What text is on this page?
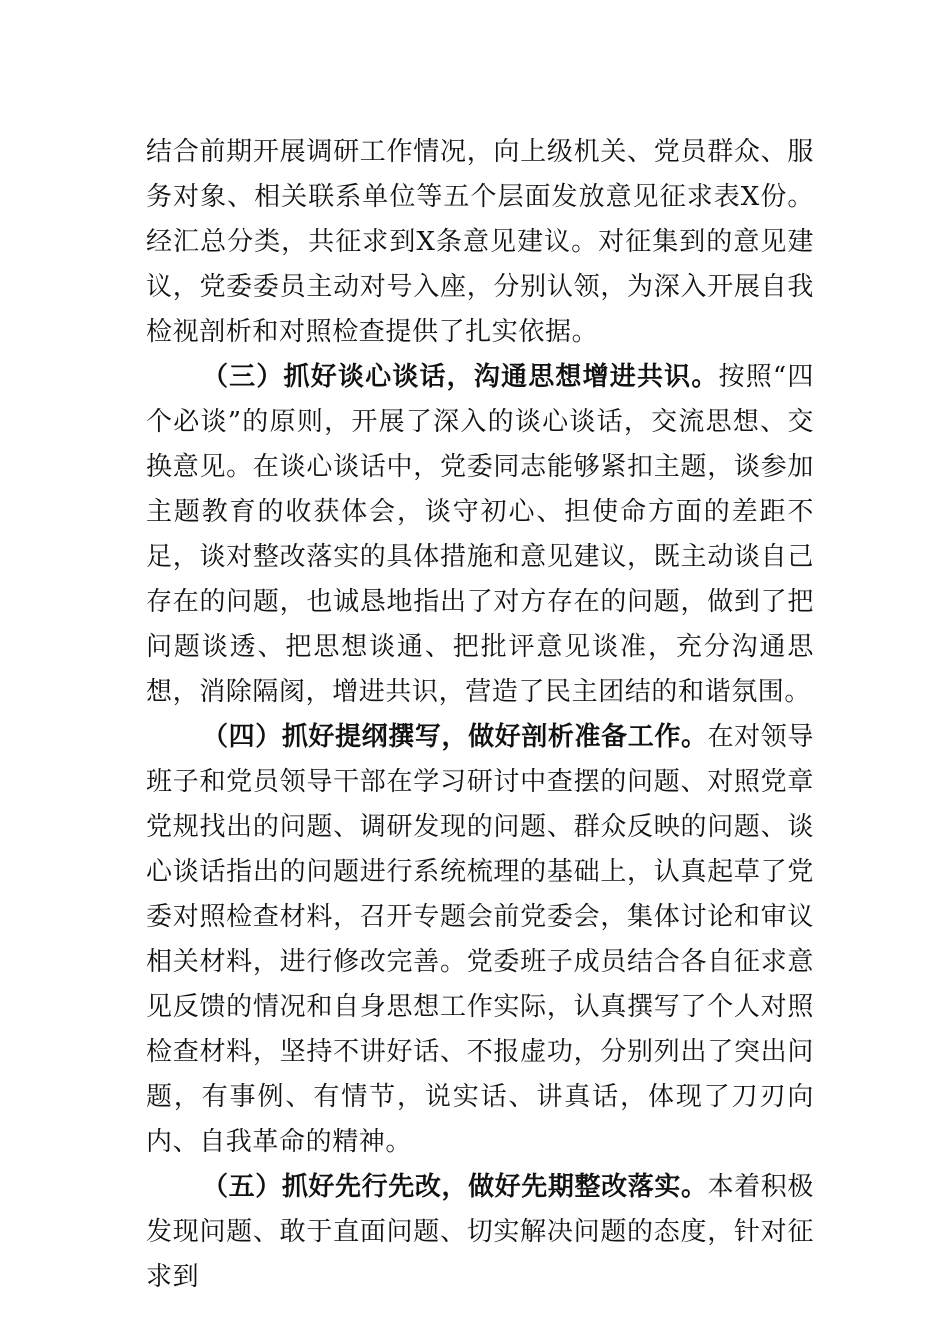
结合前期开展调研工作情况，向上级机关、党员群众、服务对象、相关联系单位等五个层面发放意见征求表X份。经汇总分类，共征求到X条意见建议。对征集到的意见建议，党委委员主动对号入座，分别认领，为深入开展自我检视剖析和对照检查提供了扎实依据。

（三）抓好谈心谈话，沟通思想增进共识。按照“四个必谈”的原则，开展了深入的谈心谈话，交流思想、交换意见。在谈心谈话中，党委同志能够紧扣主题，谈参加主题教育的收获体会，谈守初心、担使命方面的差距不足，谈对整改落实的具体措施和意见建议，既主动谈自己存在的问题，也诚恳地指出了对方存在的问题，做到了把问题谈透、把思想谈通、把批评意见谈准，充分沟通思想，消除隔阂，增进共识，营造了民主团结的和谐氛围。

（四）抓好提纲撰写，做好剖析准备工作。在对领导班子和党员领导干部在学习研讨中查摆的问题、对照党章党规找出的问题、调研发现的问题、群众反映的问题、谈心谈话指出的问题进行系统梳理的基础上，认真起草了党委对照检查材料，召开专题会前党委会，集体讨论和审议相关材料，进行修改完善。党委班子成员结合各自征求意见反馈的情况和自身思想工作实际，认真撰写了个人对照检查材料，坚持不讲好话、不报虚功，分别列出了突出问题，有事例、有情节，说实话、讲真话，体现了刀刃向内、自我革命的精神。

（五）抓好先行先改，做好先期整改落实。本着积极发现问题、敢于直面问题、切实解决问题的态度，针对征求到
